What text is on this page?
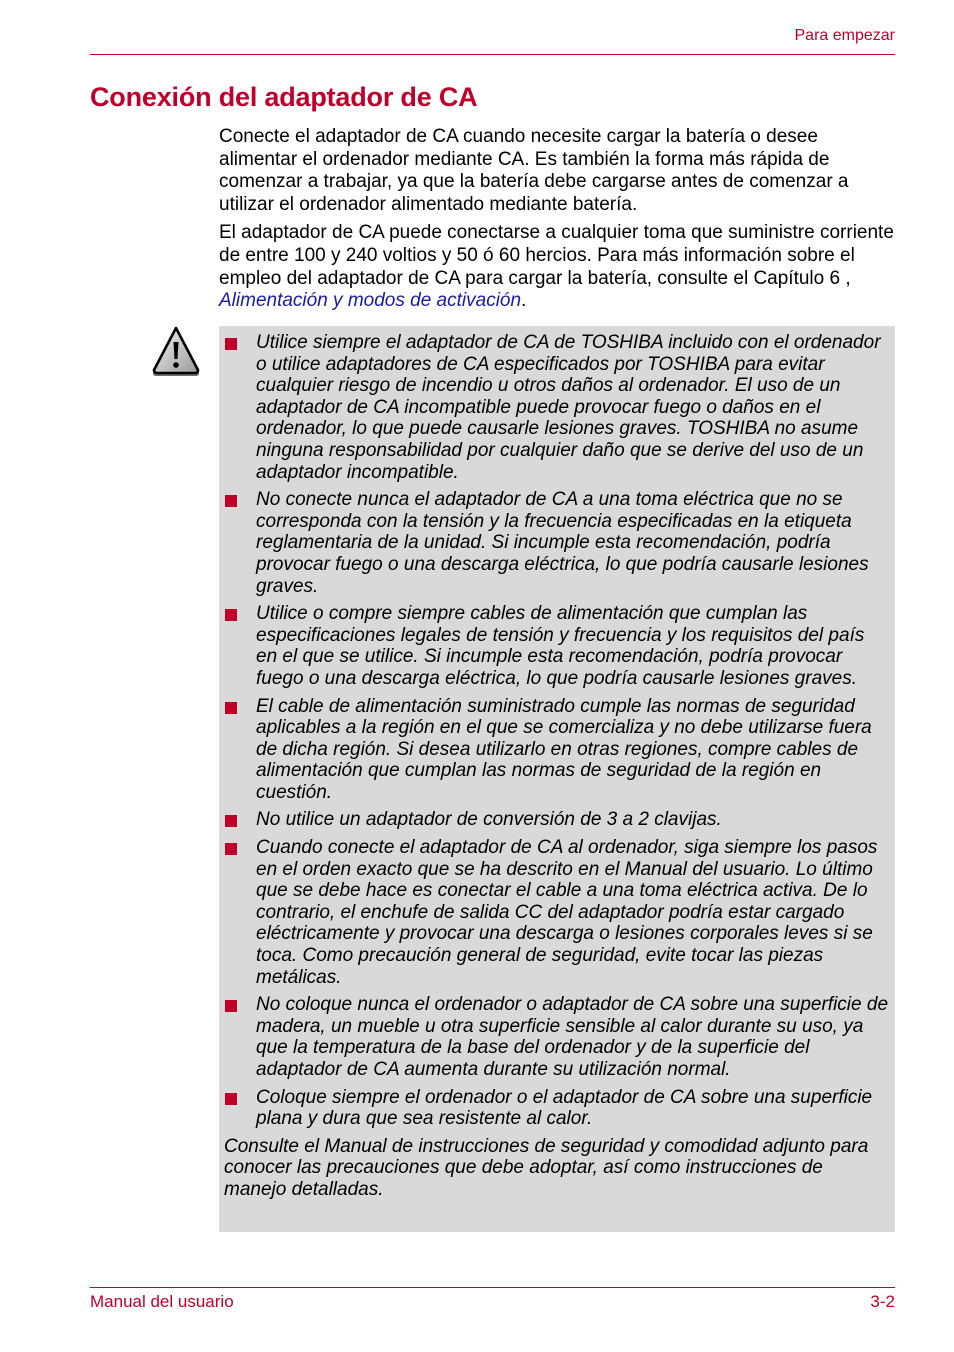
Para empezar
Conexión del adaptador de CA

Conecte el adaptador de CA cuando necesite cargar la batería o desee alimentar el ordenador mediante CA. Es también la forma más rápida de comenzar a trabajar, ya que la batería debe cargarse antes de comenzar a utilizar el ordenador alimentado mediante batería.

El adaptador de CA puede conectarse a cualquier toma que suministre corriente de entre 100 y 240 voltios y 50 ó 60 hercios. Para más información sobre el empleo del adaptador de CA para cargar la batería, consulte el Capítulo 6 , Alimentación y modos de activación.

Utilice siempre el adaptador de CA de TOSHIBA incluido con el ordenador o utilice adaptadores de CA especificados por TOSHIBA para evitar cualquier riesgo de incendio u otros daños al ordenador. El uso de un adaptador de CA incompatible puede provocar fuego o daños en el ordenador, lo que puede causarle lesiones graves. TOSHIBA no asume ninguna responsabilidad por cualquier daño que se derive del uso de un adaptador incompatible.
No conecte nunca el adaptador de CA a una toma eléctrica que no se corresponda con la tensión y la frecuencia especificadas en la etiqueta reglamentaria de la unidad. Si incumple esta recomendación, podría provocar fuego o una descarga eléctrica, lo que podría causarle lesiones graves.
Utilice o compre siempre cables de alimentación que cumplan las especificaciones legales de tensión y frecuencia y los requisitos del país en el que se utilice. Si incumple esta recomendación, podría provocar fuego o una descarga eléctrica, lo que podría causarle lesiones graves.
El cable de alimentación suministrado cumple las normas de seguridad aplicables a la región en el que se comercializa y no debe utilizarse fuera de dicha región. Si desea utilizarlo en otras regiones, compre cables de alimentación que cumplan las normas de seguridad de la región en cuestión.
No utilice un adaptador de conversión de 3 a 2 clavijas.
Cuando conecte el adaptador de CA al ordenador, siga siempre los pasos en el orden exacto que se ha descrito en el Manual del usuario. Lo último que se debe hace es conectar el cable a una toma eléctrica activa. De lo contrario, el enchufe de salida CC del adaptador podría estar cargado eléctricamente y provocar una descarga o lesiones corporales leves si se toca. Como precaución general de seguridad, evite tocar las piezas metálicas.
No coloque nunca el ordenador o adaptador de CA sobre una superficie de madera, un mueble u otra superficie sensible al calor durante su uso, ya que la temperatura de la base del ordenador y de la superficie del adaptador de CA aumenta durante su utilización normal.
Coloque siempre el ordenador o el adaptador de CA sobre una superficie plana y dura que sea resistente al calor.

Consulte el Manual de instrucciones de seguridad y comodidad adjunto para conocer las precauciones que debe adoptar, así como instrucciones de manejo detalladas.

Manual del usuario	3-2
